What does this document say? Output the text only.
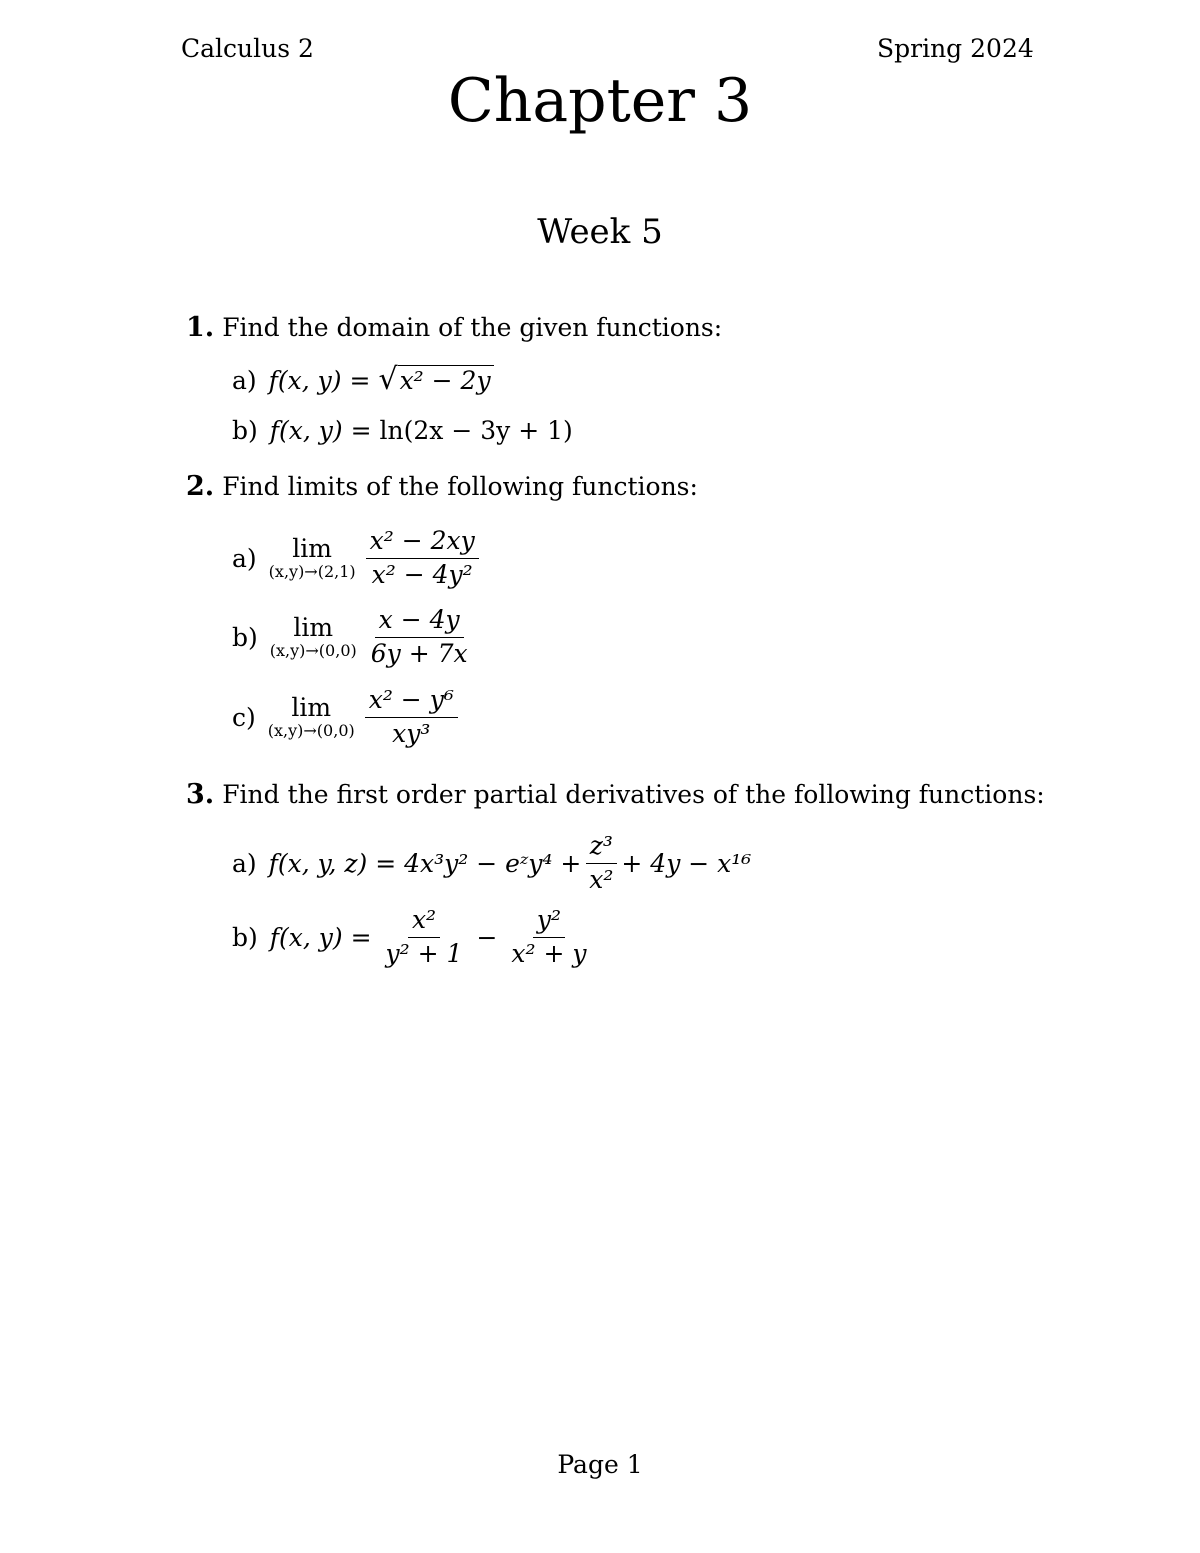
Calculus 2	Spring 2024
Chapter 3
Week 5
1. Find the domain of the given functions:
a) f(x, y) = √ x² − 2y
b) f(x, y) = ln(2x − 3y + 1)
2. Find limits of the following functions:
a) lim
$(x,y)\to(2,1) \frac{\text{x² − 2xy}}{\text{x² − 4y²}}$
b) lim
$(x,y)\to(0,0) \frac{x - 4y}{6y + 7x}$
c) lim
$(x,y)\to(0,0) \frac{\text{x² − y⁶}}{\text{xy³}}$
3. Find the first order partial derivatives of the following functions:
a) f(x, y, z) = 4x³y² − eᶻy⁴ + $\frac{\text{z³}}{\text{x²}} + 4y - x^{16}$
b) f(x, $y) = \frac{\text{x²}}{\text{y² + 1}} - \frac{\text{y²}}{\text{x² + y}}$
Page 1
